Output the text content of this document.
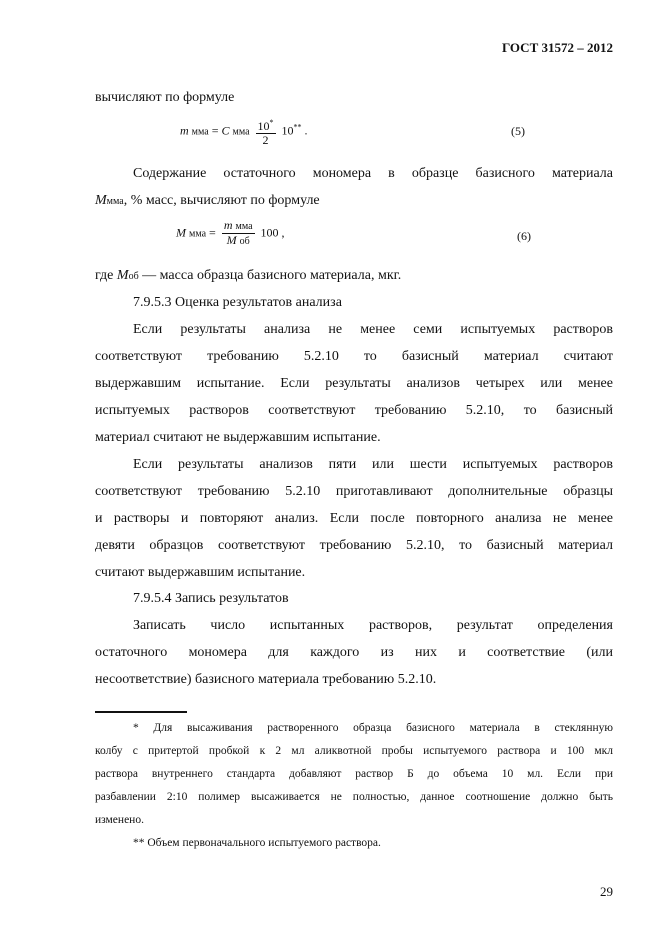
ГОСТ 31572 – 2012
вычисляют по формуле
m мма = C мма $\frac{10^*}{2} 10^{**}$ .	(5)
Содержание остаточного мономера в образце базисного материала
Mмма, % масс, вычисляют по формуле
M мма = $\frac{\text{m мма}}{\text{M об}} 100$ ,	(6)
где Mоб — масса образца базисного материала, мкг.
7.9.5.3 Оценка результатов анализа
Если результаты анализа не менее семи испытуемых растворов
соответствуют требованию 5.2.10 то базисный материал считают
выдержавшим испытание. Если результаты анализов четырех или менее
испытуемых растворов соответствуют требованию 5.2.10, то базисный
материал считают не выдержавшим испытание.
Если результаты анализов пяти или шести испытуемых растворов
соответствуют требованию 5.2.10 приготавливают дополнительные образцы
и растворы и повторяют анализ. Если после повторного анализа не менее
девяти образцов соответствуют требованию 5.2.10, то базисный материал
считают выдержавшим испытание.
7.9.5.4 Запись результатов
Записать число испытанных растворов, результат определения
остаточного мономера для каждого из них и соответствие (или
несоответствие) базисного материала требованию 5.2.10.
* Для высаживания растворенного образца базисного материала в стеклянную
колбу с притертой пробкой к 2 мл аликвотной пробы испытуемого раствора и 100 мкл
раствора внутреннего стандарта добавляют раствор Б до объема 10 мл. Если при
разбавлении 2:10 полимер высаживается не полностью, данное соотношение должно быть
изменено.
** Объем первоначального испытуемого раствора.
29
